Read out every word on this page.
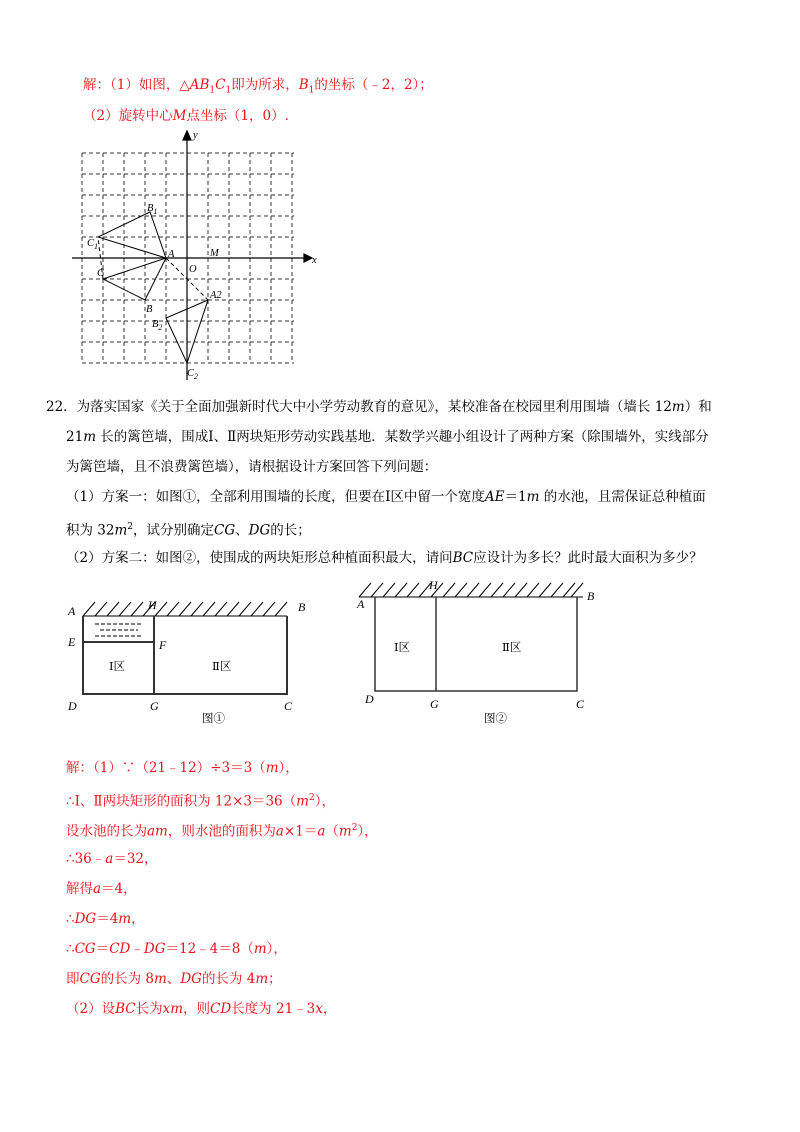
解：（1）如图，$\triangle AB_1C_1$即为所求，$B_1$的坐标（﹣2，2）；
（2）旋转中心M点坐标（1，0）.
x
y
$B_1$
$C_1$
A
O
M
C
B
A2
$B_2$
$C_2$
22．为落实国家《关于全面加强新时代大中小学劳动教育的意见》，某校准备在校园里利用围墙（墙长 12m）和
21m 长的篱笆墙，围成Ⅰ、Ⅱ两块矩形劳动实践基地．某数学兴趣小组设计了两种方案（除围墙外，实线部分
为篱笆墙，且不浪费篱笆墙），请根据设计方案回答下列问题：
（1）方案一：如图①，全部利用围墙的长度，但要在Ⅰ区中留一个宽度AE＝1m 的水池，且需保证总种植面
积为 $32m^2$，试分别确定CG、DG的长；
（2）方案二：如图②，使围成的两块矩形总种植面积最大，请问BC应设计为多长？此时最大面积为多少？
A	H	B
E	F
D	G	C
Ⅰ区	Ⅱ区
图①
A
H
B
D	G	C
Ⅰ区	Ⅱ区
图②
解：（1）∵（21﹣12）÷3＝3（m），
∴Ⅰ、Ⅱ两块矩形的面积为 $12\times 3=36(m^2)$，
设水池的长为am，则水池的面积为$a\times 1=a(m^2)$，
∴36﹣a＝32，
解得a＝4，
∴DG＝4m，
∴CG＝CD﹣DG＝12﹣4＝8（m），
即CG的长为 8m、DG的长为 4m；
（2）设BC长为xm，则CD长度为 21﹣3x，
